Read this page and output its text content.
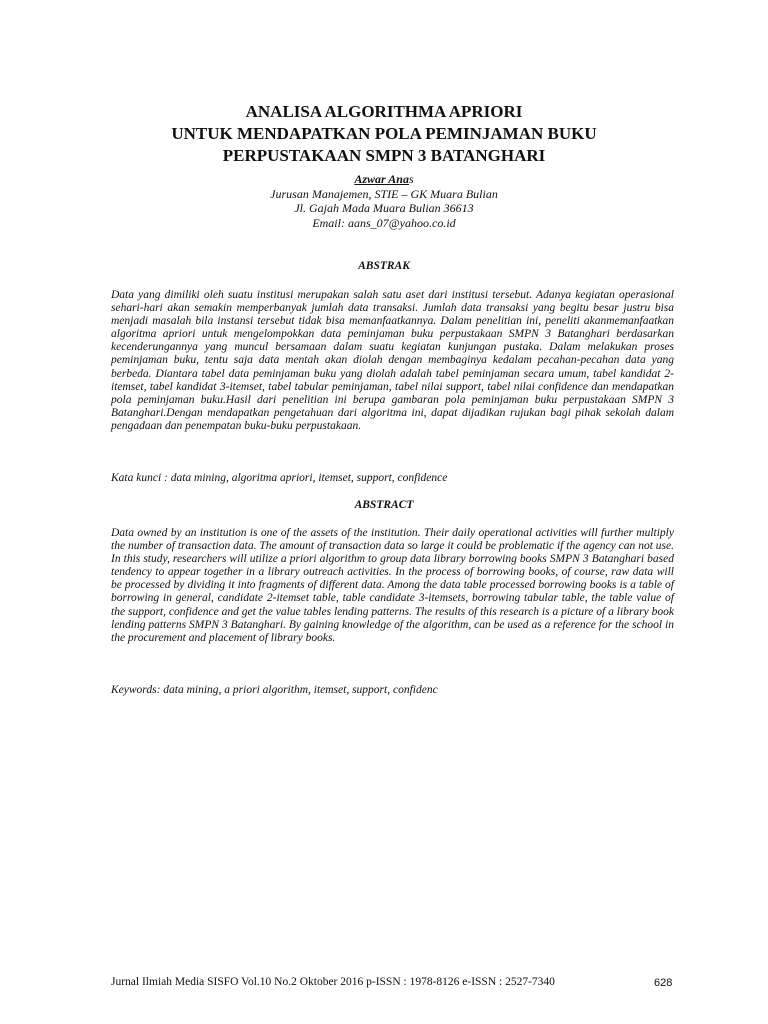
ANALISA ALGORITHMA APRIORI
UNTUK MENDAPATKAN POLA PEMINJAMAN BUKU
PERPUSTAKAAN SMPN 3 BATANGHARI
Azwar Anas
Jurusan Manajemen, STIE – GK Muara Bulian
Jl. Gajah Mada Muara Bulian 36613
Email: aans_07@yahoo.co.id
ABSTRAK

Data yang dimiliki oleh suatu institusi merupakan salah satu aset dari institusi tersebut. Adanya kegiatan operasional sehari-hari akan semakin memperbanyak jumlah data transaksi. Jumlah data transaksi yang begitu besar justru bisa menjadi masalah bila instansi tersebut tidak bisa memanfaatkannya. Dalam penelitian ini, peneliti akanmemanfaatkan algoritma apriori untuk mengelompokkan data peminjaman buku perpustakaan SMPN 3 Batanghari berdasarkan kecenderungannya yang muncul bersamaan dalam suatu kegiatan kunjungan pustaka. Dalam melakukan proses peminjaman buku, tentu saja data mentah akan diolah dengan membaginya kedalam pecahan-pecahan data yang berbeda. Diantara tabel data peminjaman buku yang diolah adalah tabel peminjaman secara umum, tabel kandidat 2-itemset, tabel kandidat 3-itemset, tabel tabular peminjaman, tabel nilai support, tabel nilai confidence dan mendapatkan pola peminjaman buku.Hasil dari penelitian ini berupa gambaran pola peminjaman buku perpustakaan SMPN 3 Batanghari.Dengan mendapatkan pengetahuan dari algoritma ini, dapat dijadikan rujukan bagi pihak sekolah dalam pengadaan dan penempatan buku-buku perpustakaan.

Kata kunci : data mining, algoritma apriori, itemset, support, confidence

ABSTRACT

Data owned by an institution is one of the assets of the institution. Their daily operational activities will further multiply the number of transaction data. The amount of transaction data so large it could be problematic if the agency can not use. In this study, researchers will utilize a priori algorithm to group data library borrowing books SMPN 3 Batanghari based tendency to appear together in a library outreach activities. In the process of borrowing books, of course, raw data will be processed by dividing it into fragments of different data. Among the data table processed borrowing books is a table of borrowing in general, candidate 2-itemset table, table candidate 3-itemsets, borrowing tabular table, the table value of the support, confidence and get the value tables lending patterns. The results of this research is a picture of a library book lending patterns SMPN 3 Batanghari. By gaining knowledge of the algorithm, can be used as a reference for the school in the procurement and placement of library books.

Keywords: data mining, a priori algorithm, itemset, support, confidenc

Jurnal Ilmiah Media SISFO Vol.10 No.2 Oktober 2016 p-ISSN : 1978-8126 e-ISSN : 2527-7340	628
